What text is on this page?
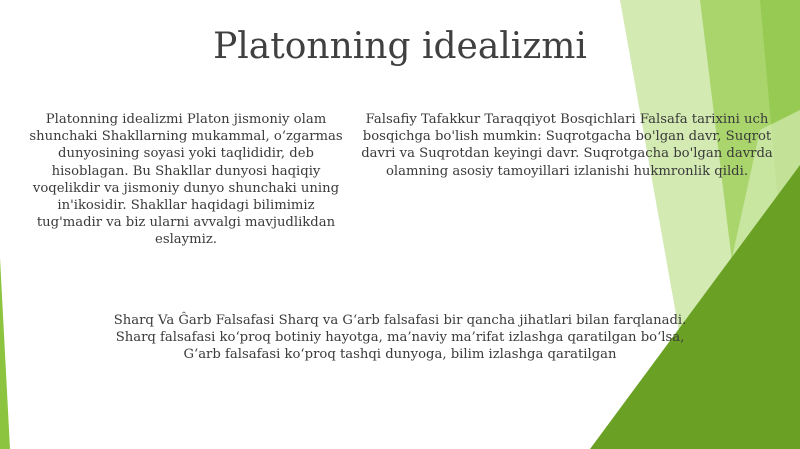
Platonning idealizmi

Platonning idealizmi Platon jismoniy olam shunchaki Shakllarning mukammal, o‘zgarmas dunyosining soyasi yoki taqlididir, deb hisoblagan. Bu Shakllar dunyosi haqiqiy voqelikdir va jismoniy dunyo shunchaki uning in'ikosidir. Shakllar haqidagi bilimimiz tug'madir va biz ularni avvalgi mavjudlikdan eslaymiz.

Falsafiy Tafakkur Taraqqiyot Bosqichlari Falsafa tarixini uch bosqichga bo'lish mumkin: Suqrotgacha bo'lgan davr, Suqrot davri va Suqrotdan keyingi davr. Suqrotgacha bo'lgan davrda olamning asosiy tamoyillari izlanishi hukmronlik qildi.

Sharq Va Ĝarb Falsafasi Sharq va G‘arb falsafasi bir qancha jihatlari bilan farqlanadi. Sharq falsafasi ko‘proq botiniy hayotga, ma’naviy ma’rifat izlashga qaratilgan bo‘lsa, G‘arb falsafasi ko‘proq tashqi dunyoga, bilim izlashga qaratilgan
